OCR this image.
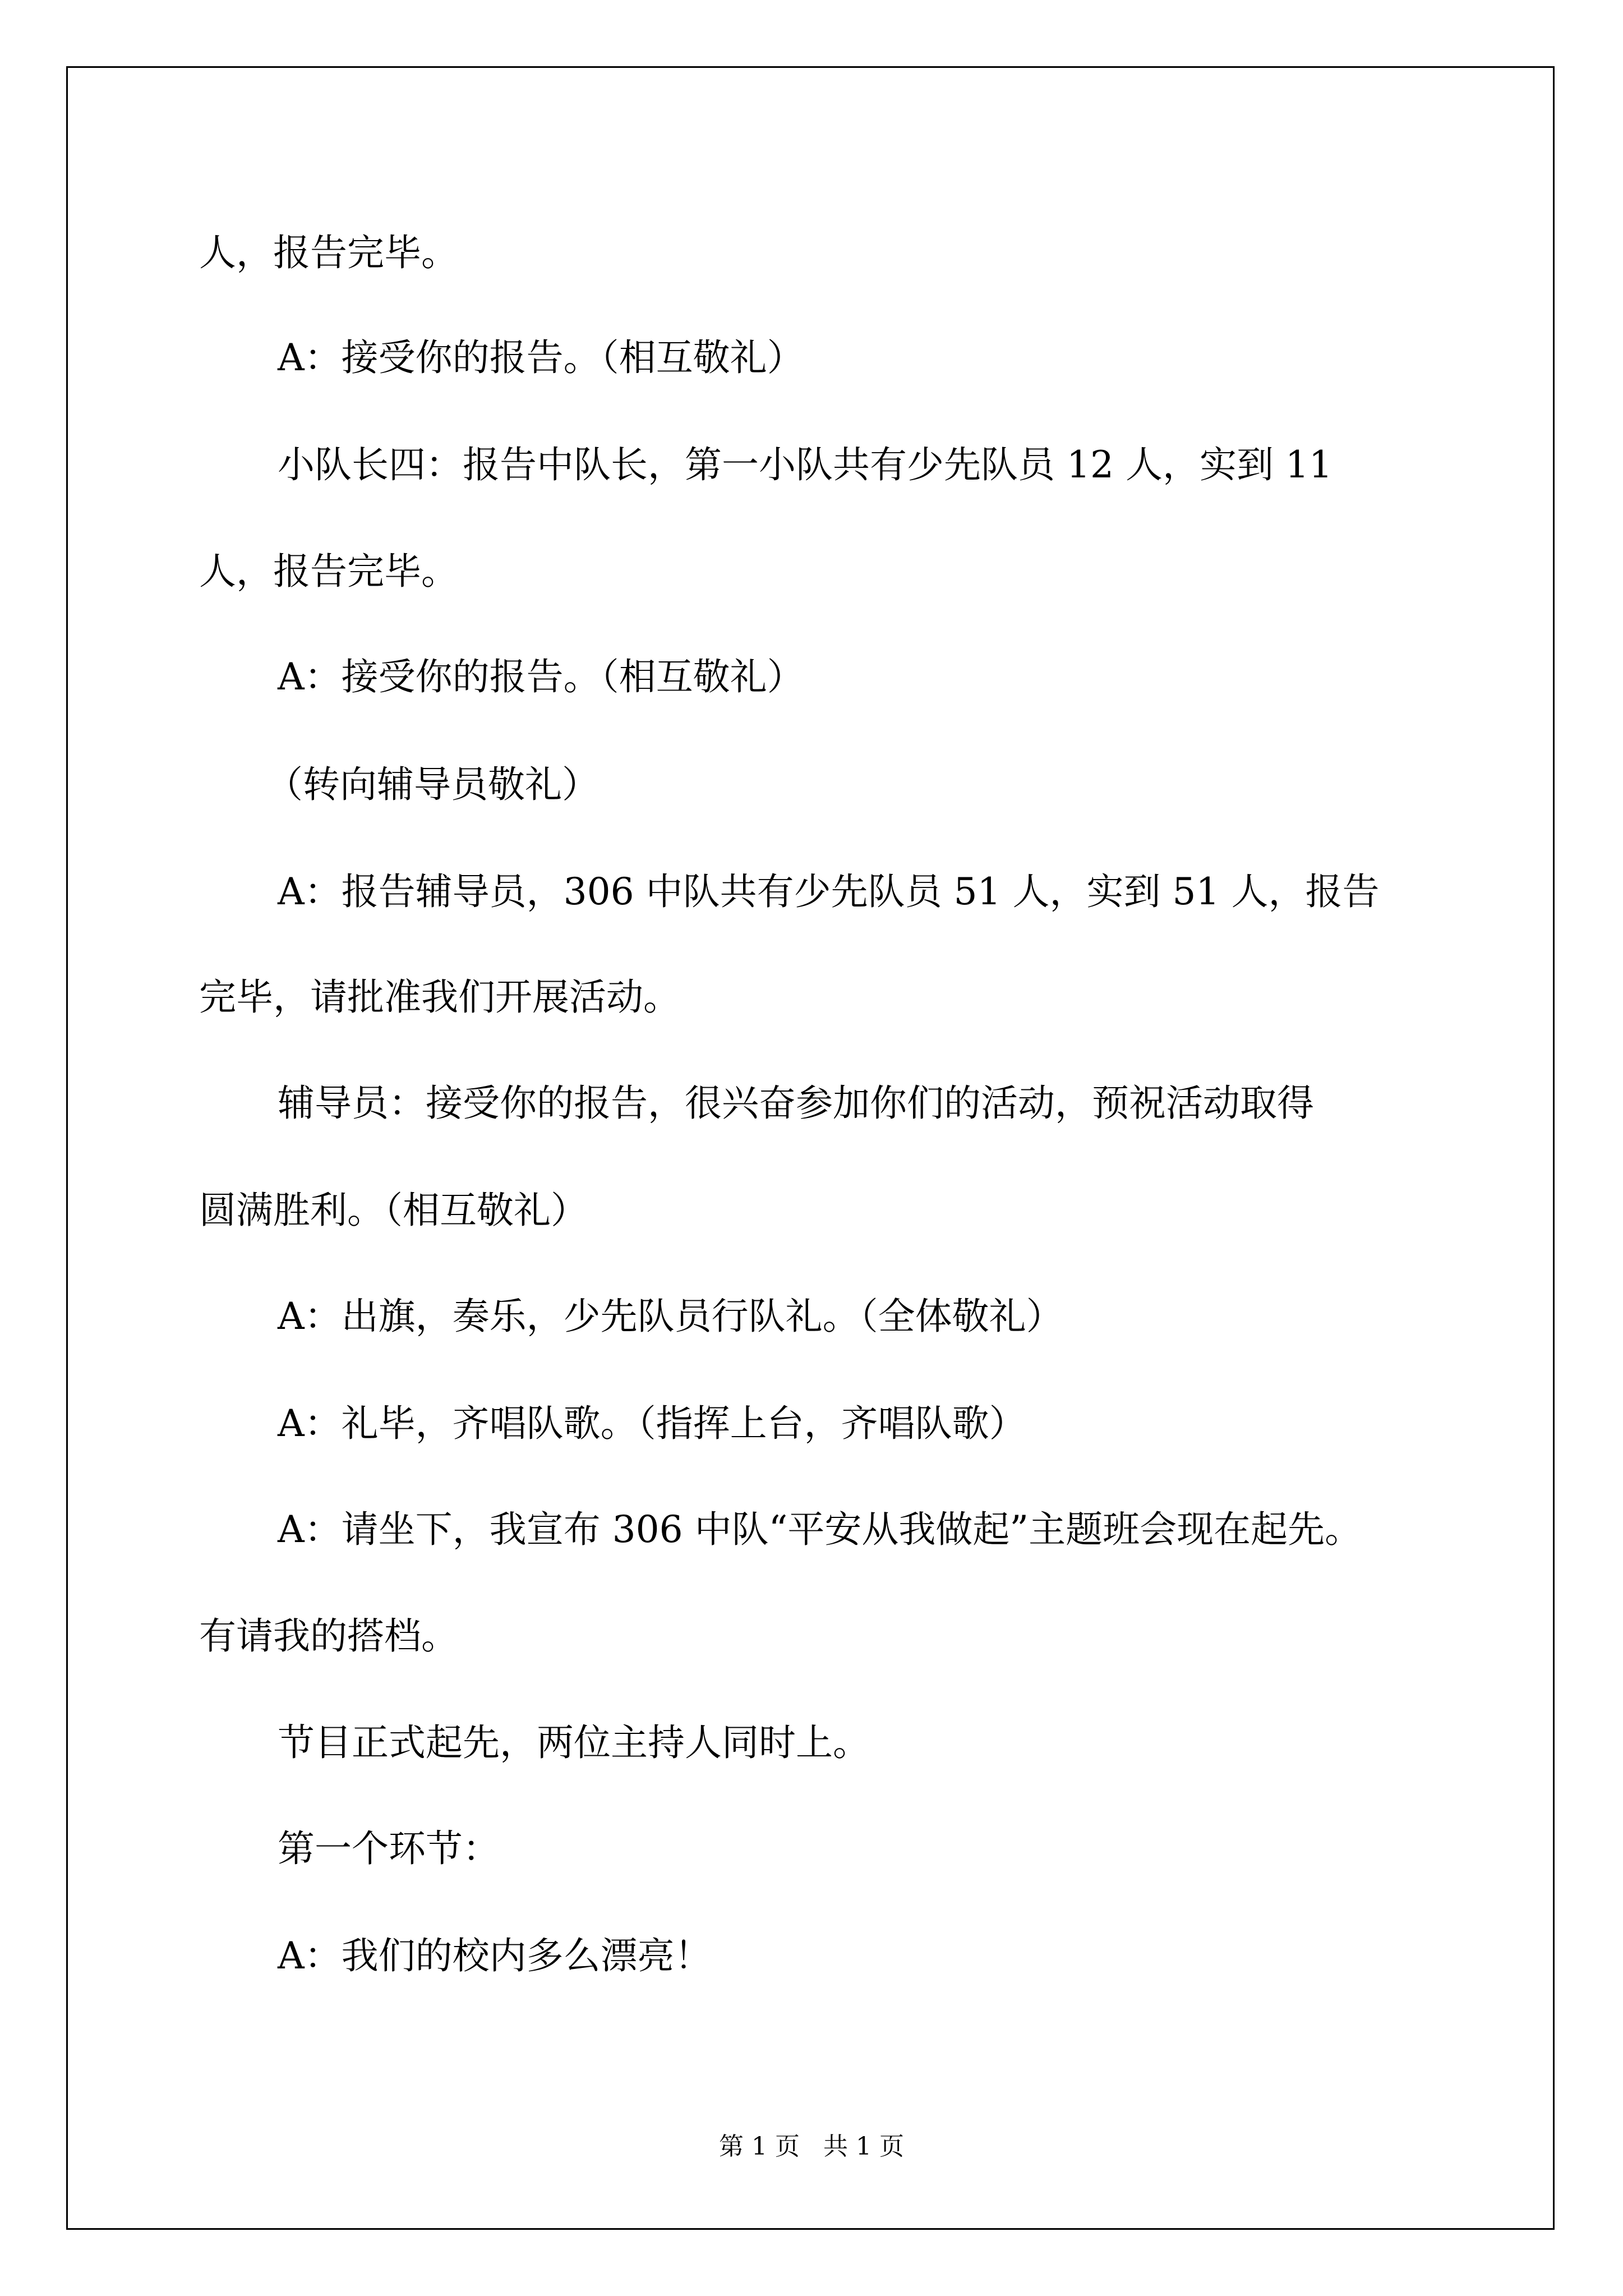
人，报告完毕。
A：接受你的报告。（相互敬礼）
小队长四：报告中队长，第一小队共有少先队员 12 人，实到 11
人，报告完毕。
A：接受你的报告。（相互敬礼）
（转向辅导员敬礼）
A：报告辅导员，306 中队共有少先队员 51 人，实到 51 人，报告
完毕，请批准我们开展活动。
辅导员：接受你的报告，很兴奋参加你们的活动，预祝活动取得
圆满胜利。（相互敬礼）
A：出旗，奏乐，少先队员行队礼。（全体敬礼）
A：礼毕，齐唱队歌。（指挥上台，齐唱队歌）
A：请坐下，我宣布 306 中队“平安从我做起”主题班会现在起先。
有请我的搭档。
节目正式起先，两位主持人同时上。
第一个环节：
A：我们的校内多么漂亮！
第 1 页   共 1 页
